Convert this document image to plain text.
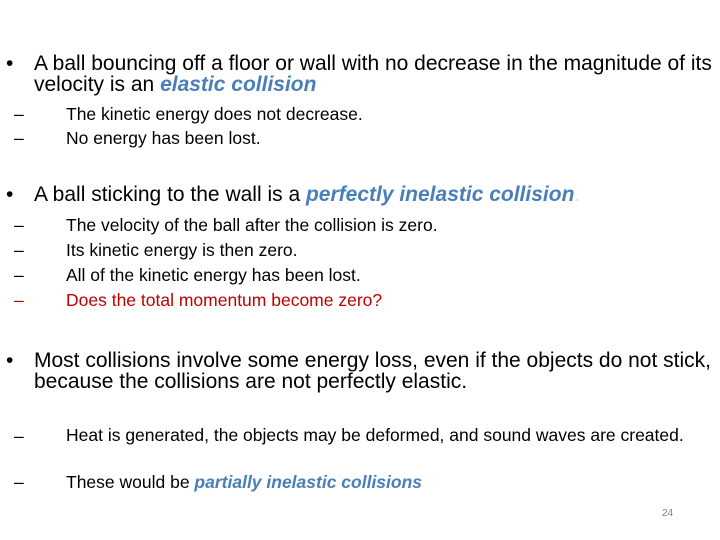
• A ball bouncing off a floor or wall with no decrease in the magnitude of its velocity is an elastic collision
–	The kinetic energy does not decrease.
–	No energy has been lost.
• A ball sticking to the wall is a perfectly inelastic collision.
–	The velocity of the ball after the collision is zero.
–	Its kinetic energy is then zero.
–	All of the kinetic energy has been lost.
–	Does the total momentum become zero?
• Most collisions involve some energy loss, even if the objects do not stick, because the collisions are not perfectly elastic.
–	Heat is generated, the objects may be deformed, and sound waves are created.
–	These would be partially inelastic collisions
24
